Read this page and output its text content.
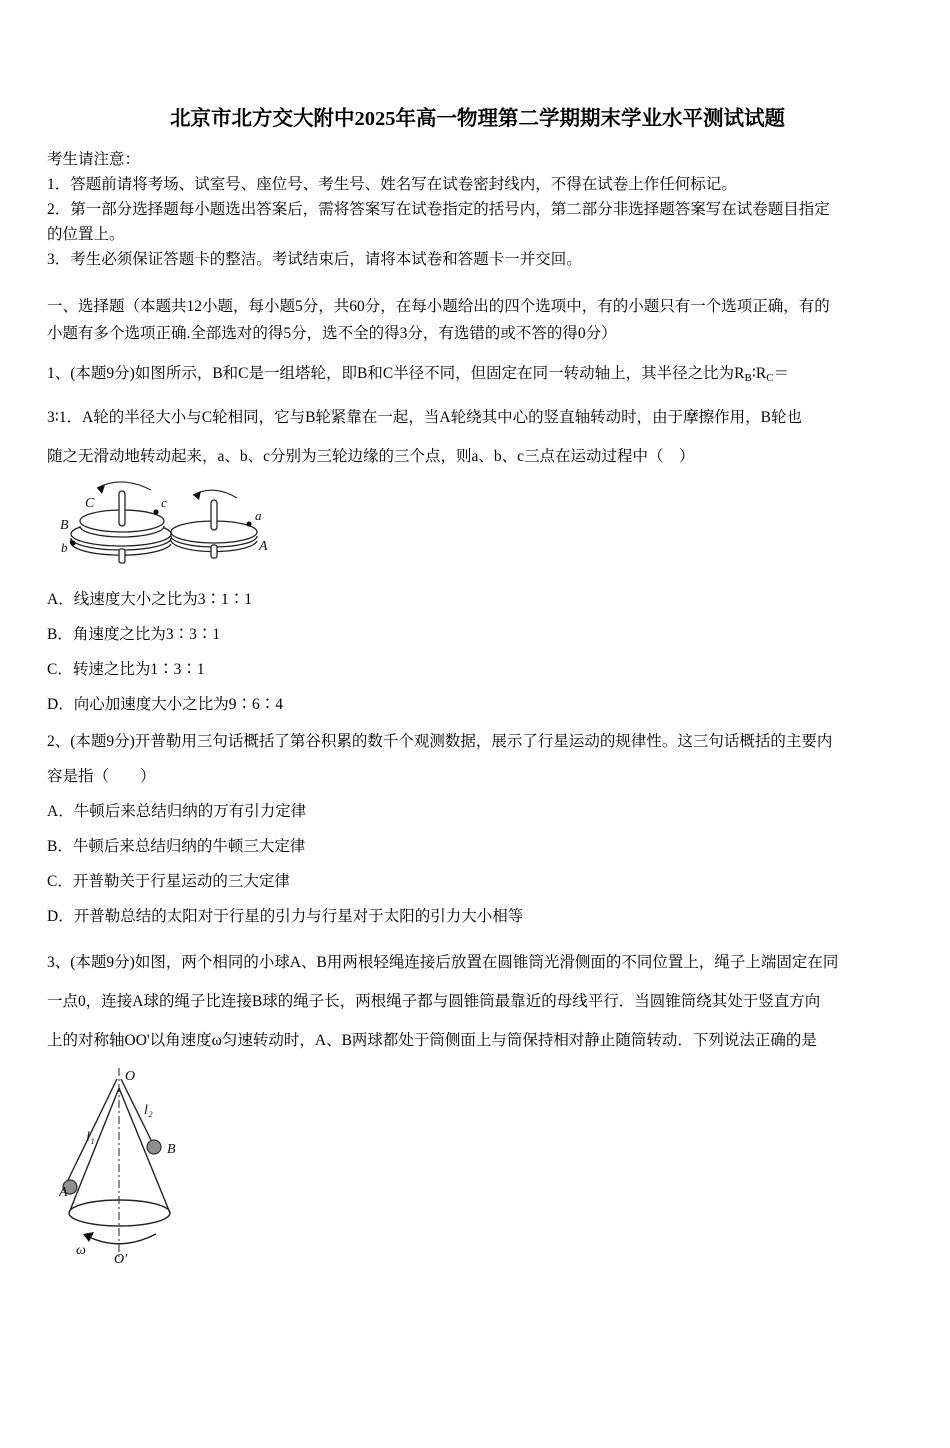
北京市北方交大附中2025年高一物理第二学期期末学业水平测试试题
考生请注意：
1．答题前请将考场、试室号、座位号、考生号、姓名写在试卷密封线内，不得在试卷上作任何标记。
2．第一部分选择题每小题选出答案后，需将答案写在试卷指定的括号内，第二部分非选择题答案写在试卷题目指定
的位置上。
3．考生必须保证答题卡的整洁。考试结束后，请将本试卷和答题卡一并交回。
一、选择题（本题共12小题，每小题5分，共60分，在每小题给出的四个选项中，有的小题只有一个选项正确，有的
小题有多个选项正确.全部选对的得5分，选不全的得3分，有选错的或不答的得0分）
1、(本题9分)如图所示，B和C是一组塔轮，即B和C半径不同，但固定在同一转动轴上，其半径之比为$R_B∶R_C=$
3∶1．A轮的半径大小与C轮相同，它与B轮紧靠在一起，当A轮绕其中心的竖直轴转动时，由于摩擦作用，B轮也
随之无滑动地转动起来，a、b、c分别为三轮边缘的三个点，则a、b、c三点在运动过程中（　）
C	c
B
b
a
A
A．线速度大小之比为3∶1∶1
B．角速度之比为3∶3∶1
C．转速之比为1∶3∶1
D．向心加速度大小之比为9∶6∶4
2、(本题9分)开普勒用三句话概括了第谷积累的数千个观测数据，展示了行星运动的规律性。这三句话概括的主要内
容是指（　　）
A．牛顿后来总结归纳的万有引力定律
B．牛顿后来总结归纳的牛顿三大定律
C．开普勒关于行星运动的三大定律
D．开普勒总结的太阳对于行星的引力与行星对于太阳的引力大小相等
3、(本题9分)如图，两个相同的小球A、B用两根轻绳连接后放置在圆锥筒光滑侧面的不同位置上，绳子上端固定在同
一点0，连接A球的绳子比连接B球的绳子长，两根绳子都与圆锥筒最靠近的母线平行．当圆锥筒绕其处于竖直方向
上的对称轴OO'以角速度ω匀速转动时，A、B两球都处于筒侧面上与筒保持相对静止随筒转动．下列说法正确的是
O
l₁
l₂
A
B
ω
O′
